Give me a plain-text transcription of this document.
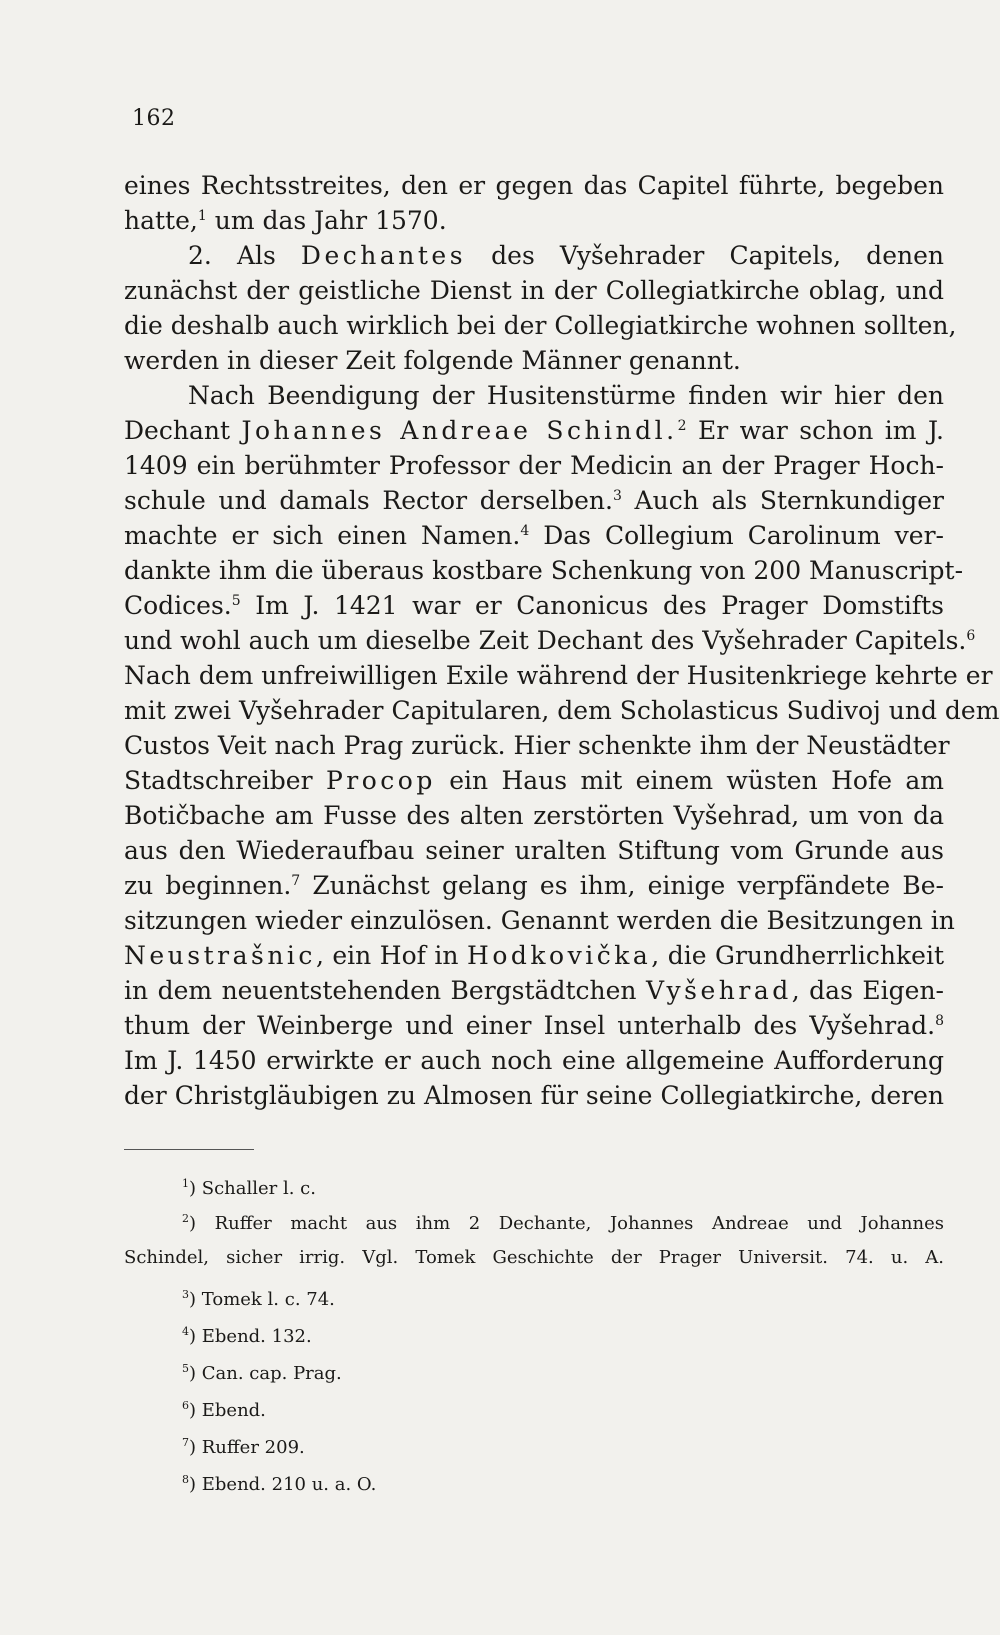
162
eines Rechtsstreites, den er gegen das Capitel führte, begeben
hatte,$^1$ um das Jahr 1570.
2. Als Dechantes des Vyšehrader Capitels, denen
zunächst der geistliche Dienst in der Collegiatkirche oblag, und
die deshalb auch wirklich bei der Collegiatkirche wohnen sollten,
werden in dieser Zeit folgende Männer genannt.
Nach Beendigung der Husitenstürme finden wir hier den
Dechant Johannes Andreae Schindl.$^2$ Er war schon im J.
1409 ein berühmter Professor der Medicin an der Prager Hoch-
schule und damals Rector derselben.$^3$ Auch als Sternkundiger
machte er sich einen Namen.$^4$ Das Collegium Carolinum ver-
dankte ihm die überaus kostbare Schenkung von 200 Manuscript-
Codices.$^5$ Im J. 1421 war er Canonicus des Prager Domstifts
und wohl auch um dieselbe Zeit Dechant des Vyšehrader Capitels.$^6$
Nach dem unfreiwilligen Exile während der Husitenkriege kehrte er
mit zwei Vyšehrader Capitularen, dem Scholasticus Sudivoj und dem
Custos Veit nach Prag zurück. Hier schenkte ihm der Neustädter
Stadtschreiber Procop ein Haus mit einem wüsten Hofe am
Botičbache am Fusse des alten zerstörten Vyšehrad, um von da
aus den Wiederaufbau seiner uralten Stiftung vom Grunde aus
zu beginnen.$^7$ Zunächst gelang es ihm, einige verpfändete Be-
sitzungen wieder einzulösen. Genannt werden die Besitzungen in
Neustrašnic, ein Hof in Hodkovička, die Grundherrlichkeit
in dem neuentstehenden Bergstädtchen Vyšehrad, das Eigen-
thum der Weinberge und einer Insel unterhalb des Vyšehrad.$^8$
Im J. 1450 erwirkte er auch noch eine allgemeine Aufforderung
der Christgläubigen zu Almosen für seine Collegiatkirche, deren
$^1$) Schaller l. c.
$^2$) Ruffer macht aus ihm 2 Dechante, Johannes Andreae und Johannes
Schindel, sicher irrig. Vgl. Tomek Geschichte der Prager Universit. 74. u. A.
$^3$) Tomek l. c. 74.
$^4$) Ebend. 132.
$^5$) Can. cap. Prag.
$^6$) Ebend.
$^7$) Ruffer 209.
$^8$) Ebend. 210 u. a. O.
